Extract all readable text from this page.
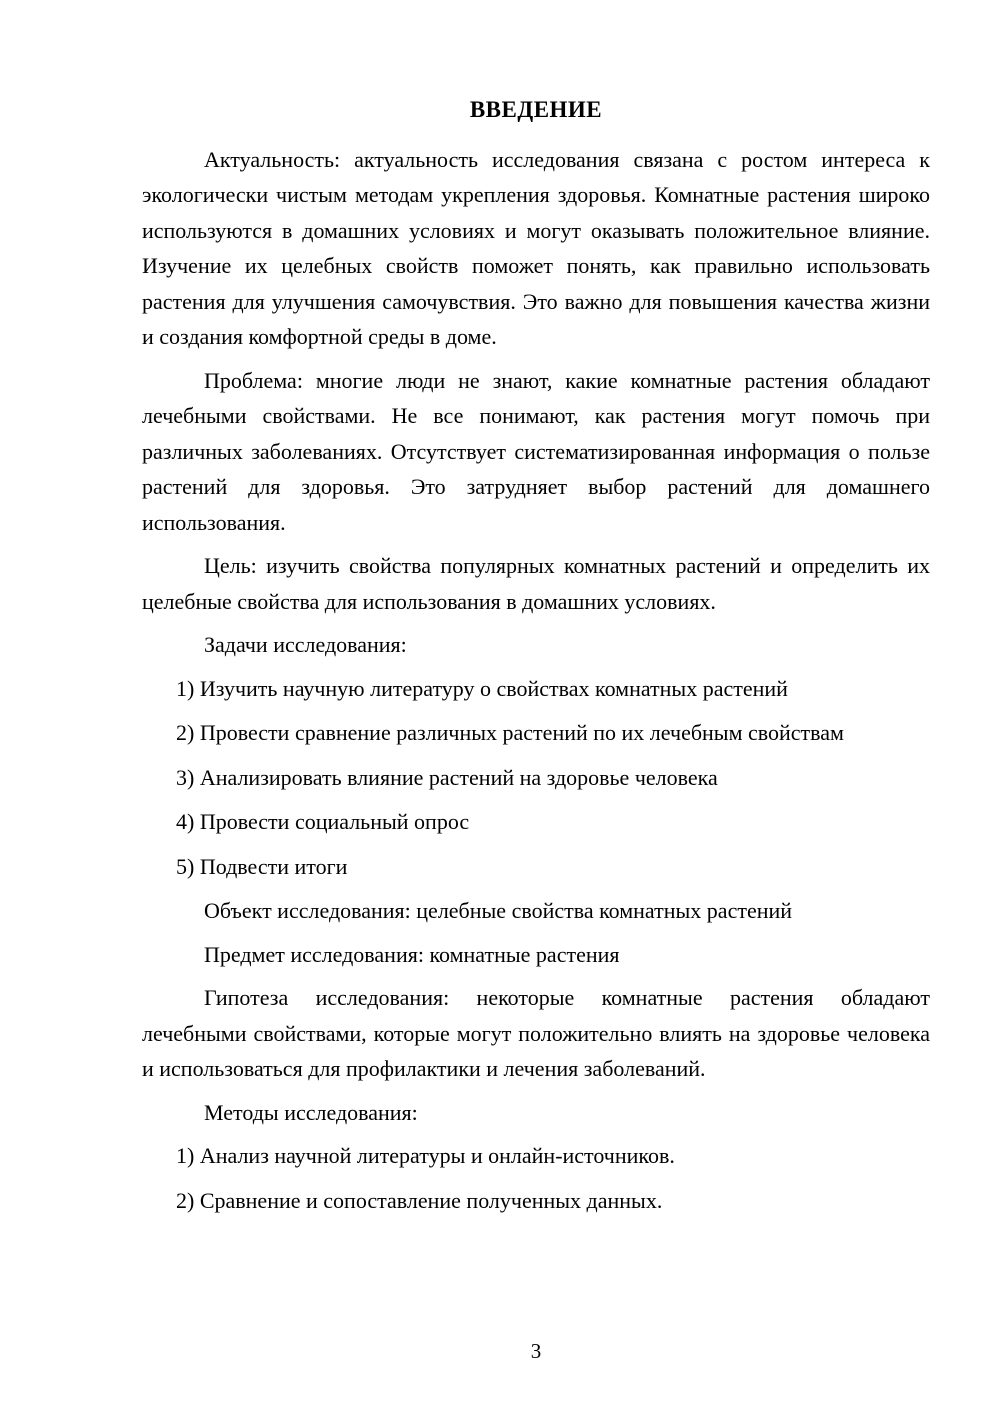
ВВЕДЕНИЕ

Актуальность: актуальность исследования связана с ростом интереса к экологически чистым методам укрепления здоровья. Комнатные растения широко используются в домашних условиях и могут оказывать положительное влияние. Изучение их целебных свойств поможет понять, как правильно использовать растения для улучшения самочувствия. Это важно для повышения качества жизни и создания комфортной среды в доме.

Проблема: многие люди не знают, какие комнатные растения обладают лечебными свойствами. Не все понимают, как растения могут помочь при различных заболеваниях. Отсутствует систематизированная информация о пользе растений для здоровья. Это затрудняет выбор растений для домашнего использования.

Цель: изучить свойства популярных комнатных растений и определить их целебные свойства для использования в домашних условиях.

Задачи исследования:

1) Изучить научную литературу о свойствах комнатных растений

2) Провести сравнение различных растений по их лечебным свойствам

3) Анализировать влияние растений на здоровье человека

4) Провести социальный опрос

5) Подвести итоги

Объект исследования: целебные свойства комнатных растений

Предмет исследования: комнатные растения

Гипотеза исследования: некоторые комнатные растения обладают лечебными свойствами, которые могут положительно влиять на здоровье человека и использоваться для профилактики и лечения заболеваний.

Методы исследования:

1) Анализ научной литературы и онлайн-источников.

2) Сравнение и сопоставление полученных данных.

3
